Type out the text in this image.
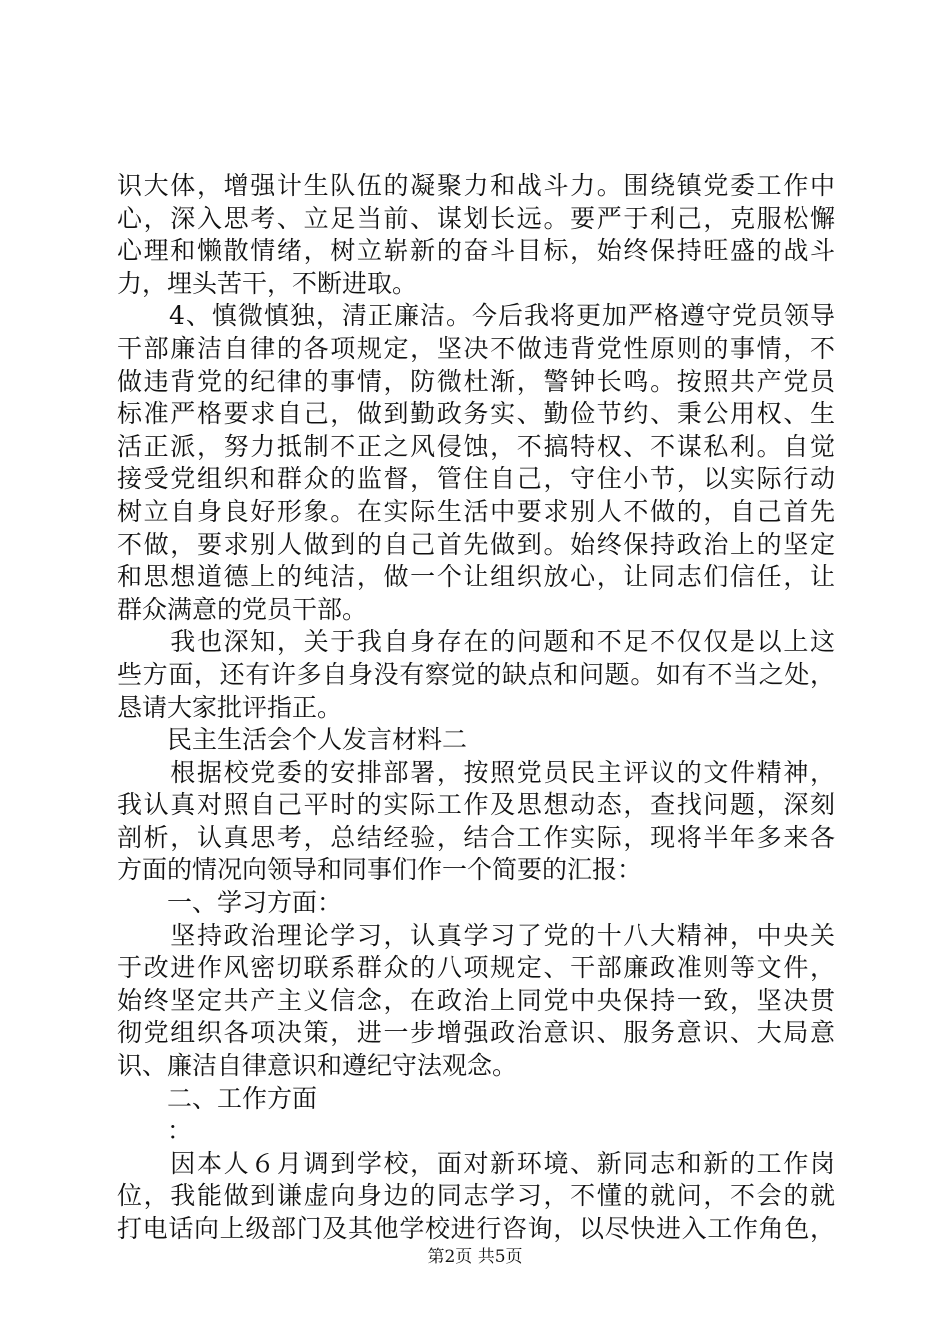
识大体，增强计生队伍的凝聚力和战斗力。围绕镇党委工作中
心，深入思考、立足当前、谋划长远。要严于利己，克服松懈
心理和懒散情绪，树立崭新的奋斗目标，始终保持旺盛的战斗
力，埋头苦干，不断进取。
　　4、慎微慎独，清正廉洁。今后我将更加严格遵守党员领导
干部廉洁自律的各项规定，坚决不做违背党性原则的事情，不
做违背党的纪律的事情，防微杜渐，警钟长鸣。按照共产党员
标准严格要求自己，做到勤政务实、勤俭节约、秉公用权、生
活正派，努力抵制不正之风侵蚀，不搞特权、不谋私利。自觉
接受党组织和群众的监督，管住自己，守住小节，以实际行动
树立自身良好形象。在实际生活中要求别人不做的，自己首先
不做，要求别人做到的自己首先做到。始终保持政治上的坚定
和思想道德上的纯洁，做一个让组织放心，让同志们信任，让
群众满意的党员干部。
　　我也深知，关于我自身存在的问题和不足不仅仅是以上这
些方面，还有许多自身没有察觉的缺点和问题。如有不当之处，
恳请大家批评指正。
　　民主生活会个人发言材料二
　　根据校党委的安排部署，按照党员民主评议的文件精神，
我认真对照自己平时的实际工作及思想动态，查找问题，深刻
剖析，认真思考，总结经验，结合工作实际，现将半年多来各
方面的情况向领导和同事们作一个简要的汇报：
　　一、学习方面：
　　坚持政治理论学习，认真学习了党的十八大精神，中央关
于改进作风密切联系群众的八项规定、干部廉政准则等文件，
始终坚定共产主义信念，在政治上同党中央保持一致，坚决贯
彻党组织各项决策，进一步增强政治意识、服务意识、大局意
识、廉洁自律意识和遵纪守法观念。
　　二、工作方面
　　：
　　因本人６月调到学校，面对新环境、新同志和新的工作岗
位，我能做到谦虚向身边的同志学习，不懂的就问，不会的就
打电话向上级部门及其他学校进行咨询，以尽快进入工作角色，
第2页 共5页
